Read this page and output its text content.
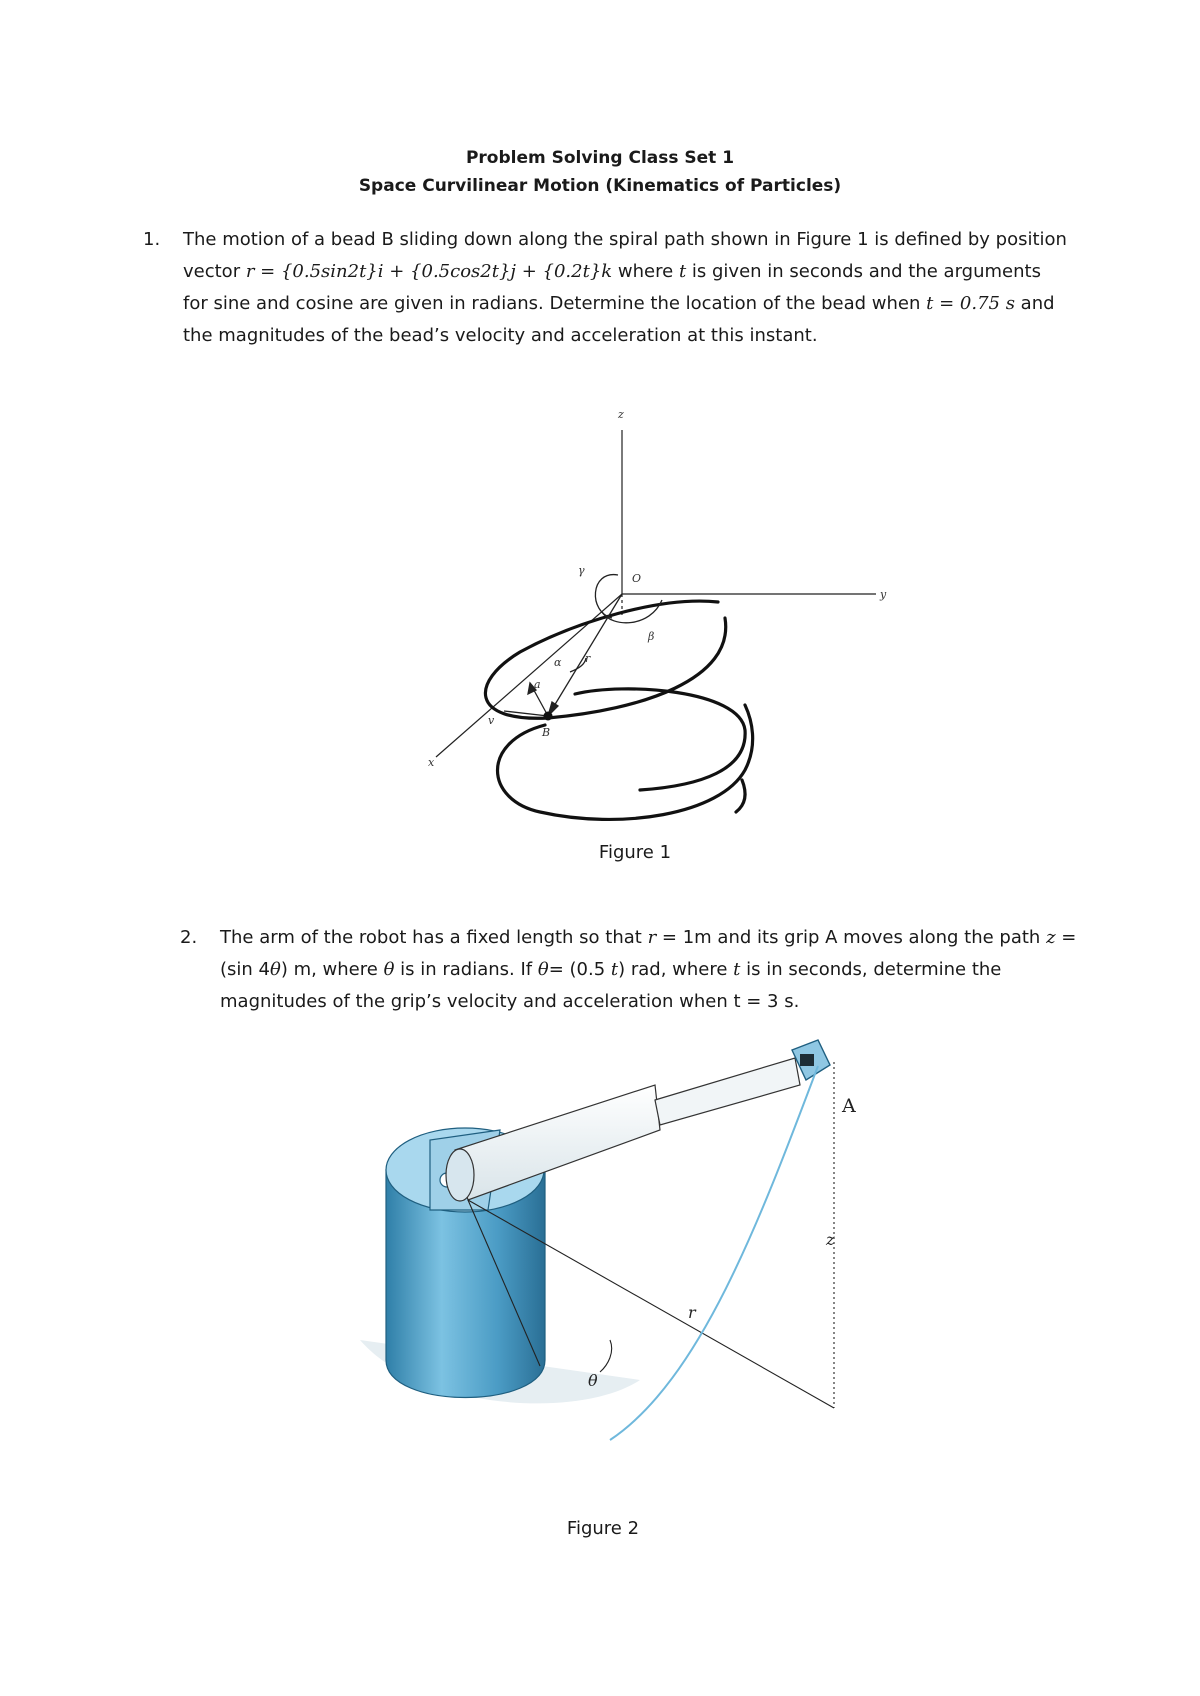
Problem Solving Class Set 1
Space Curvilinear Motion (Kinematics of Particles)
1. The motion of a bead B sliding down along the spiral path shown in Figure 1 is defined by position
vector r = {0.5sin2t}i + {0.5cos2t}j + {0.2t}k where t is given in seconds and the arguments
for sine and cosine are given in radians. Determine the location of the bead when t = 0.75 s and
the magnitudes of the bead’s velocity and acceleration at this instant.
z
y
x
O
γ
β
α r
a
v
B
Figure 1
2. The arm of the robot has a fixed length so that r = 1m and its grip A moves along the path z =
(sin 4θ) m, where θ is in radians. If θ= (0.5 t) rad, where t is in seconds, determine the
magnitudes of the grip’s velocity and acceleration when t = 3 s.
A
z
r
θ
Figure 2
